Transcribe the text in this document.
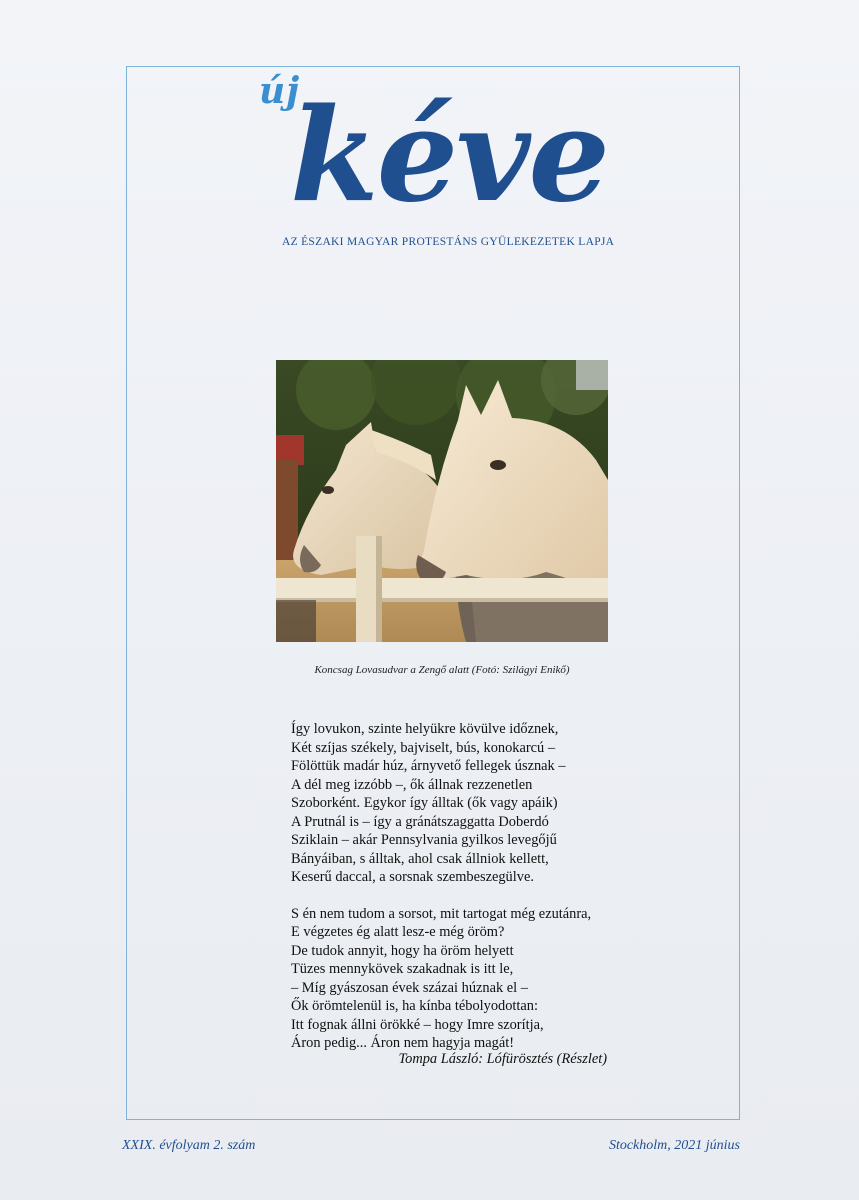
új
kéve
AZ ÉSZAKI MAGYAR PROTESTÁNS GYÜLEKEZETEK LAPJA
Koncsag Lovasudvar a Zengő alatt (Fotó: Szilágyi Enikő)
Így lovukon, szinte helyükre kövülve időznek,
Két szíjas székely, bajviselt, bús, konokarcú –
Fölöttük madár húz, árnyvető fellegek úsznak –
A dél meg izzóbb –, ők állnak rezzenetlen
Szoborként. Egykor így álltak (ők vagy apáik)
A Prutnál is – így a gránátszaggatta Doberdó
Sziklain – akár Pennsylvania gyilkos levegőjű
Bányáiban, s álltak, ahol csak állniok kellett,
Keserű daccal, a sorsnak szembeszegülve.
S én nem tudom a sorsot, mit tartogat még ezutánra,
E végzetes ég alatt lesz-e még öröm?
De tudok annyit, hogy ha öröm helyett
Tüzes mennykövek szakadnak is itt le,
– Míg gyászosan évek százai húznak el –
Ők örömtelenül is, ha kínba tébolyodottan:
Itt fognak állni örökké – hogy Imre szorítja,
Áron pedig... Áron nem hagyja magát!
Tompa László: Lófürösztés (Részlet)
XXIX. évfolyam 2. szám	Stockholm, 2021 június
